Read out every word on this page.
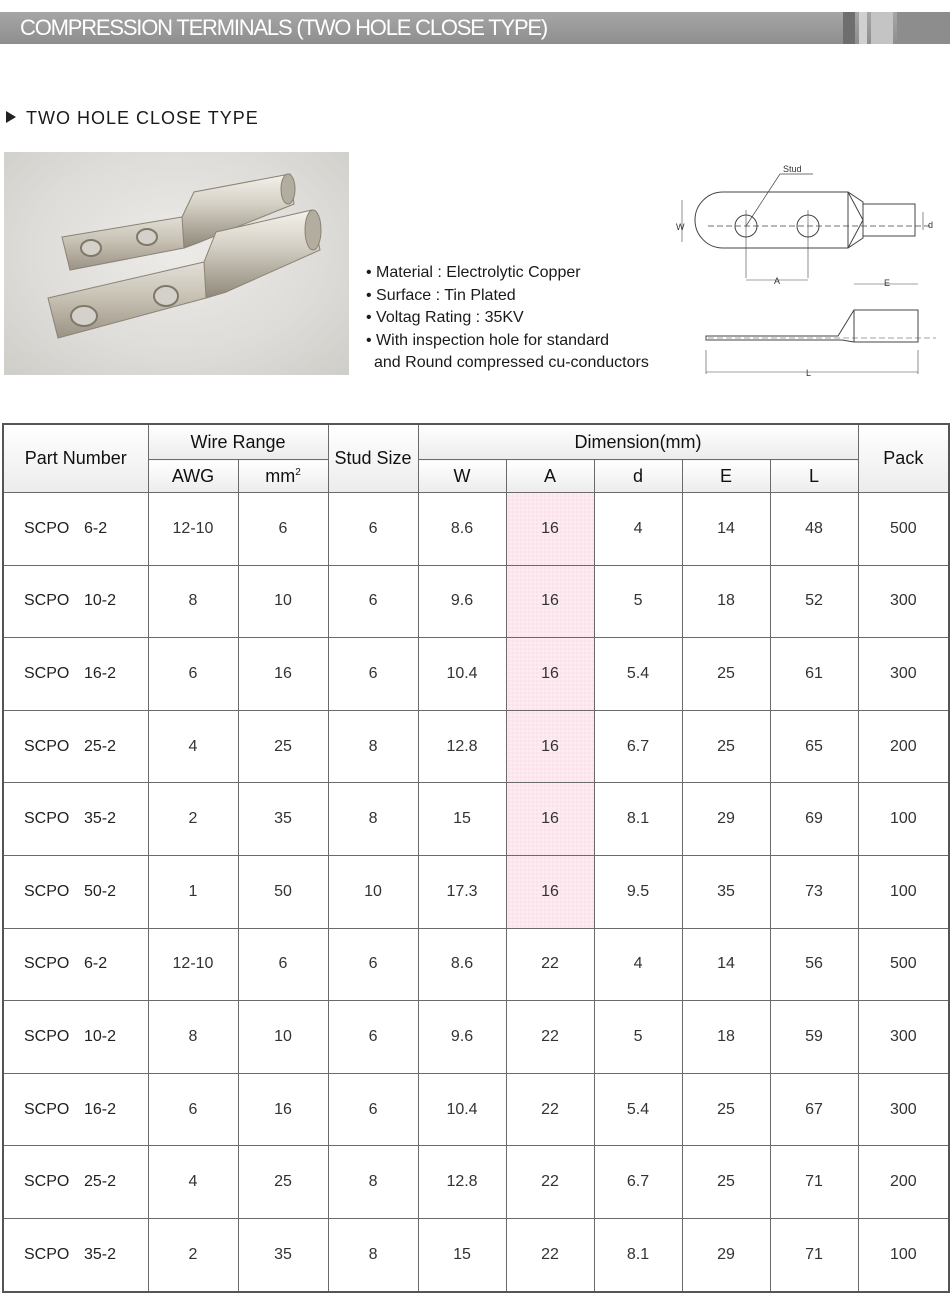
COMPRESSION TERMINALS (TWO HOLE CLOSE TYPE)
TWO HOLE CLOSE TYPE
• Material : Electrolytic Copper
• Surface : Tin Plated
• Voltag Rating : 35KV
• With inspection hole for standard
and Round compressed cu-conductors
Stud
W
A
d
E
L
Part Number	Wire Range		Stud Size	Dimension(mm)					Pack
	AWG	$mm^2$		W	A	d	E	L	
SCPO 6-2	12-10	6	6	8.6	16	4	14	48	500
SCPO 10-2	8	10	6	9.6	16	5	18	52	300
SCPO 16-2	6	16	6	10.4	16	5.4	25	61	300
SCPO 25-2	4	25	8	12.8	16	6.7	25	65	200
SCPO 35-2	2	35	8	15	16	8.1	29	69	100
SCPO 50-2	1	50	10	17.3	16	9.5	35	73	100
SCPO 6-2	12-10	6	6	8.6	22	4	14	56	500
SCPO 10-2	8	10	6	9.6	22	5	18	59	300
SCPO 16-2	6	16	6	10.4	22	5.4	25	67	300
SCPO 25-2	4	25	8	12.8	22	6.7	25	71	200
SCPO 35-2	2	35	8	15	22	8.1	29	71	100
